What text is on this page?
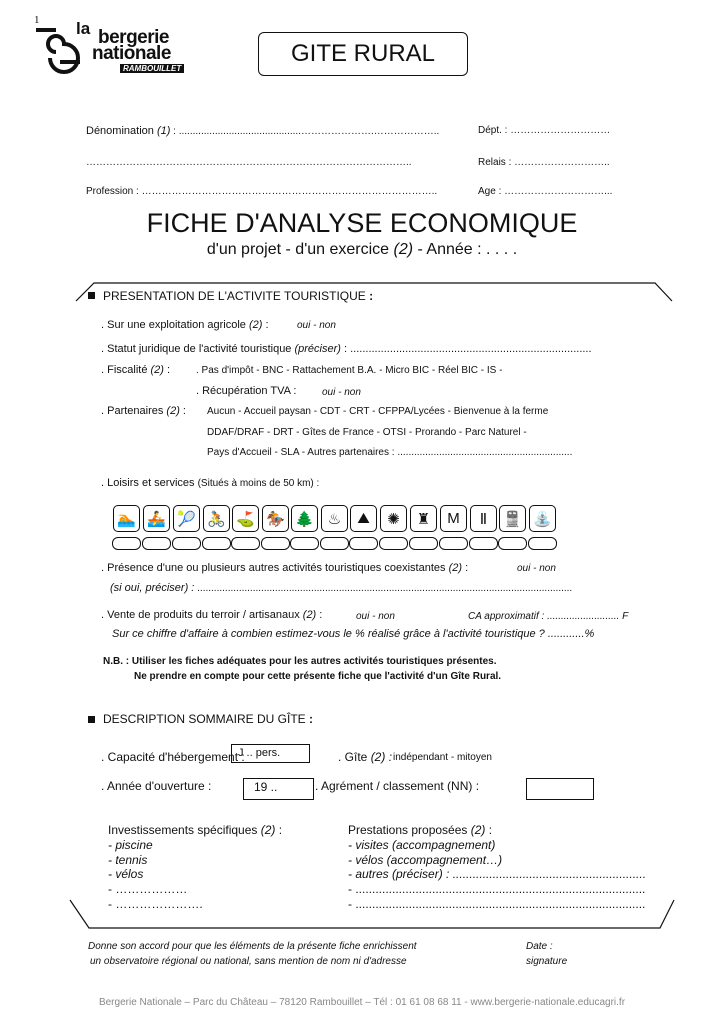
1 la bergerie
nationale
RAMBOUILLET
GITE RURAL
Dénomination (1) : ............................................………………….………………..	Dépt. : …………………………
……………………………………………………………………………………..	Relais : ………………………..
Profession : ……………………………………………………………………………..	Age : …………………………...
FICHE D'ANALYSE ECONOMIQUE
d'un projet - d'un exercice (2) - Année : . . . .
PRESENTATION DE L'ACTIVITE TOURISTIQUE :
. Sur une exploitation agricole (2) :	oui - non
. Statut juridique de l'activité touristique (préciser) : ...............................................................................
. Fiscalité (2) :	. Pas d'impôt - BNC - Rattachement B.A. - Micro BIC - Réel BIC - IS -
. Récupération TVA :	oui - non
. Partenaires (2) : Aucun - Accueil paysan - CDT - CRT - CFPPA/Lycées - Bienvenue à la ferme
DDAF/DRAF - DRT - Gîtes de France - OTSI - Prorando - Parc Naturel -
Pays d'Accueil - SLA - Autres partenaires : ...............................................................
. Loisirs et services (Situés à moins de 50 km) :
🏊 🚣 🎾 🚴 ⛳ 🏇 🌲 ♨	⛰	✺	♜	M	Ⅱ	🚆 ⛲
. Présence d'une ou plusieurs autres activités touristiques coexistantes (2) :	oui - non
(si oui, préciser) : .......................................................................................................................................
. Vente de produits du terroir / artisanaux (2) :	oui - non	CA approximatif : .......................... F
Sur ce chiffre d'affaire à combien estimez-vous le % réalisé grâce à l'activité touristique ? ............%
N.B. : Utiliser les fiches adéquates pour les autres activités touristiques présentes.
Ne prendre en compte pour cette présente fiche que l'activité d'un Gîte Rural.
DESCRIPTION SOMMAIRE DU GÎTE :
. Capacité d'hébergement :
J .. pers.	. Gîte (2) : indépendant - mitoyen
. Année d'ouverture :	19 ..	. Agrément / classement (NN) :
Investissements spécifiques (2) :
- piscine
- tennis
- vélos
- ………………
- ………………….
Prestations proposées (2) :
- visites (accompagnement)
- vélos (accompagnement…)
- autres (préciser) : ..........................................................
- .......................................................................................
- .......................................................................................
Donne son accord pour que les éléments de la présente fiche enrichissent
un observatoire régional ou national, sans mention de nom ni d'adresse
Date :
signature
Bergerie Nationale – Parc du Château – 78120 Rambouillet – Tél : 01 61 08 68 11 - www.bergerie-nationale.educagri.fr
